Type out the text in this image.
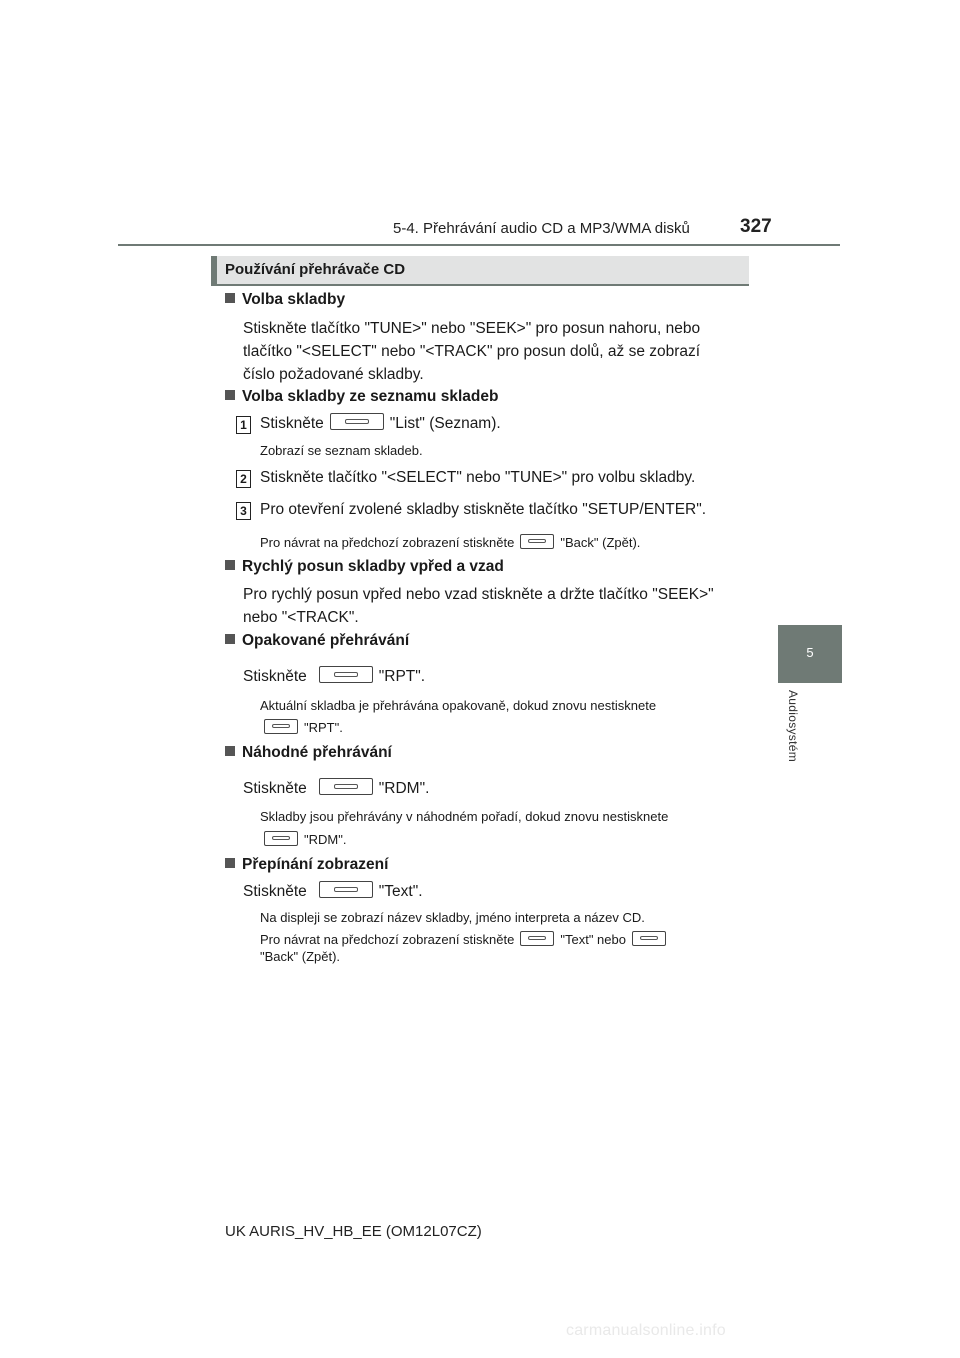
5-4. Přehrávání audio CD a MP3/WMA disků	327
5
Audiosystém
Používání přehrávače CD
Volba skladby
Stiskněte tlačítko "TUNE>" nebo "SEEK>" pro posun nahoru, nebo
tlačítko "<SELECT" nebo "<TRACK" pro posun dolů, až se zobrazí
číslo požadované skladby.
Volba skladby ze seznamu skladeb
1 Stiskněte	"List" (Seznam).
Zobrazí se seznam skladeb.
2 Stiskněte tlačítko "<SELECT" nebo "TUNE>" pro volbu skladby.
3 Pro otevření zvolené skladby stiskněte tlačítko "SETUP/ENTER".
Pro návrat na předchozí zobrazení stiskněte	"Back" (Zpět).
Rychlý posun skladby vpřed a vzad
Pro rychlý posun vpřed nebo vzad stiskněte a držte tlačítko "SEEK>"
nebo "<TRACK".
Opakované přehrávání
Stiskněte	"RPT".
Aktuální skladba je přehrávána opakovaně, dokud znovu nestisknete
"RPT".
Náhodné přehrávání
Stiskněte	"RDM".
Skladby jsou přehrávány v náhodném pořadí, dokud znovu nestisknete
"RDM".
Přepínání zobrazení
Stiskněte	"Text".
Na displeji se zobrazí název skladby, jméno interpreta a název CD.
Pro návrat na předchozí zobrazení stiskněte	"Text" nebo
"Back" (Zpět).
UK AURIS_HV_HB_EE (OM12L07CZ)
carmanualsonline.info
